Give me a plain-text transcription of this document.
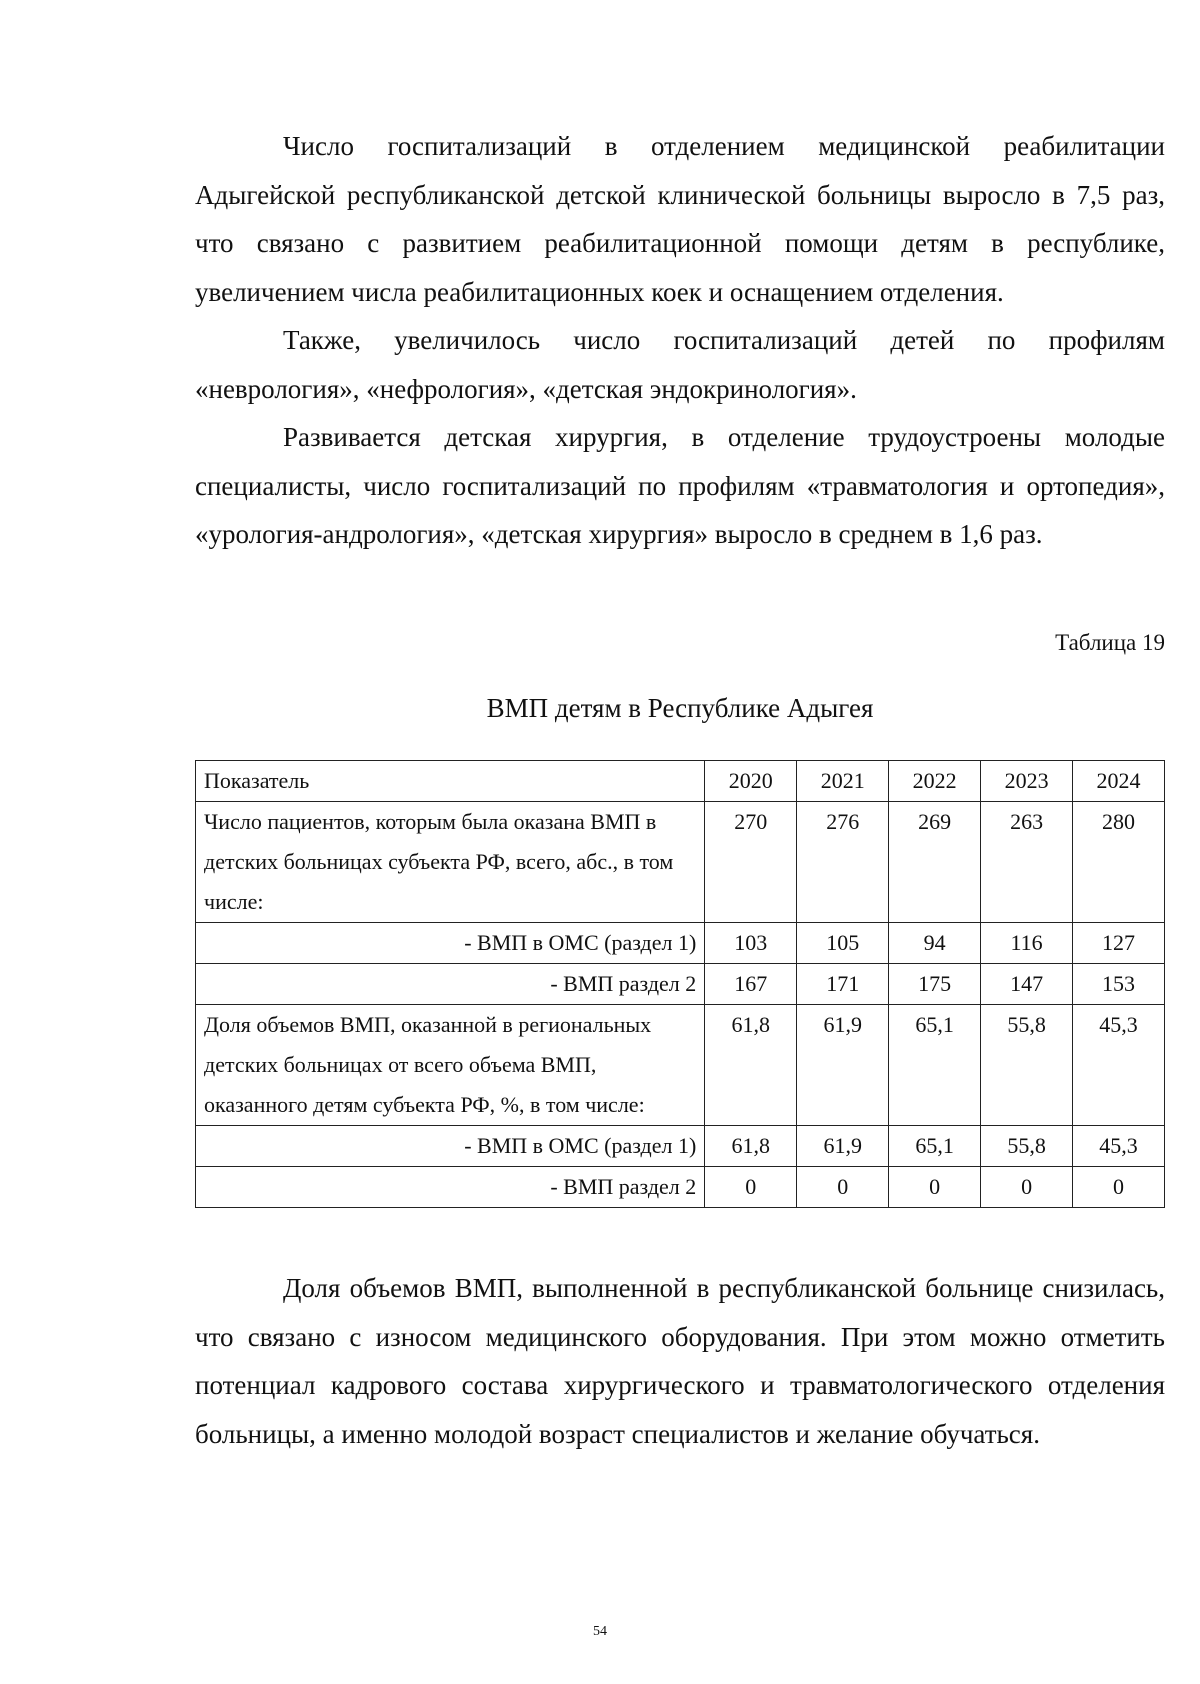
Число госпитализаций в отделением медицинской реабилитации Адыгейской республиканской детской клинической больницы выросло в 7,5 раз, что связано с развитием реабилитационной помощи детям в республике, увеличением числа реабилитационных коек и оснащением отделения.

Также, увеличилось число госпитализаций детей по профилям «неврология», «нефрология», «детская эндокринология».

Развивается детская хирургия, в отделение трудоустроены молодые специалисты, число госпитализаций по профилям «травматология и ортопедия», «урология-андрология», «детская хирургия» выросло в среднем в 1,6 раз.

Таблица 19
ВМП детям в Республике Адыгея
Показатель	2020	2021	2022	2023	2024
Число пациентов, которым была оказана ВМП в детских больницах субъекта РФ, всего, абс., в том числе:	270	276	269	263	280
- ВМП в ОМС (раздел 1)	103	105	94	116	127
- ВМП раздел 2	167	171	175	147	153
Доля объемов ВМП, оказанной в региональных детских больницах от всего объема ВМП, оказанного детям субъекта РФ, %, в том числе:	61,8	61,9	65,1	55,8	45,3
- ВМП в ОМС (раздел 1)	61,8	61,9	65,1	55,8	45,3
- ВМП раздел 2	0	0	0	0	0

Доля объемов ВМП, выполненной в республиканской больнице снизилась, что связано с износом медицинского оборудования. При этом можно отметить потенциал кадрового состава хирургического и травматологического отделения больницы, а именно молодой возраст специалистов и желание обучаться.

54
